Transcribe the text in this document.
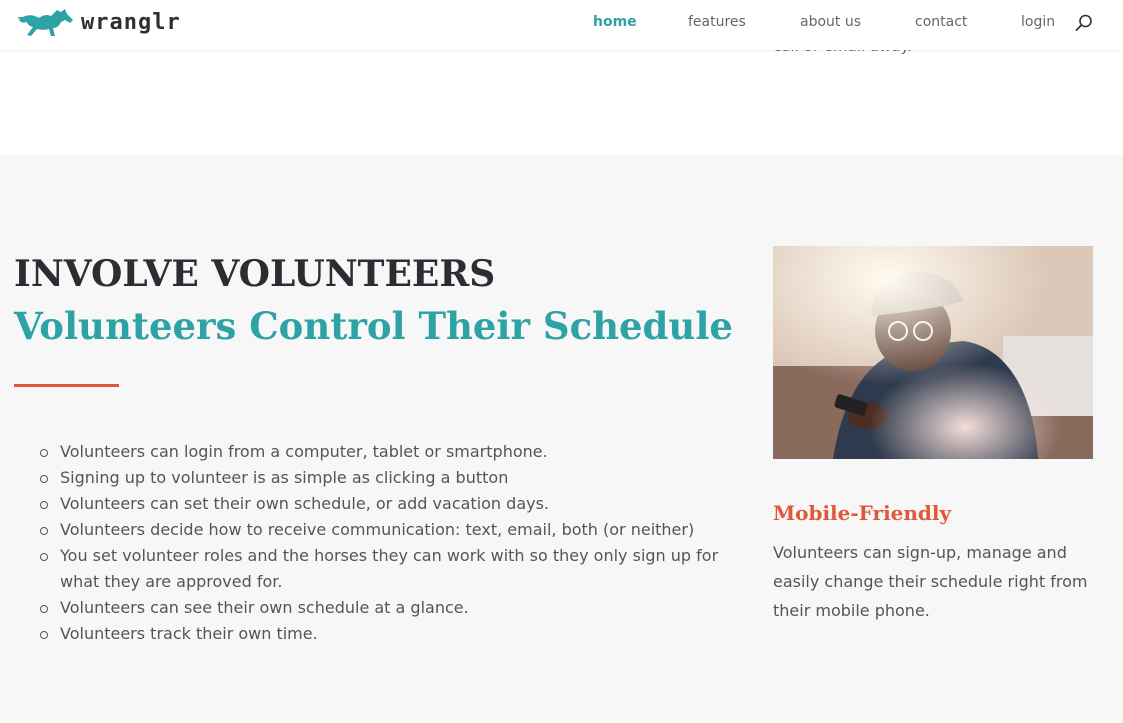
wranglr	home	features	about us	contact	login
INVOLVE VOLUNTEERS
Volunteers Control Their Schedule
Volunteers can login from a computer, tablet or smartphone.
Signing up to volunteer is as simple as clicking a button
Volunteers can set their own schedule, or add vacation days.
Volunteers decide how to receive communication: text, email, both (or neither)
You set volunteer roles and the horses they can work with so they only sign up for what they are approved for.
Volunteers can see their own schedule at a glance.
Volunteers track their own time.
Mobile-Friendly

Volunteers can sign-up, manage and easily change their schedule right from their mobile phone.
